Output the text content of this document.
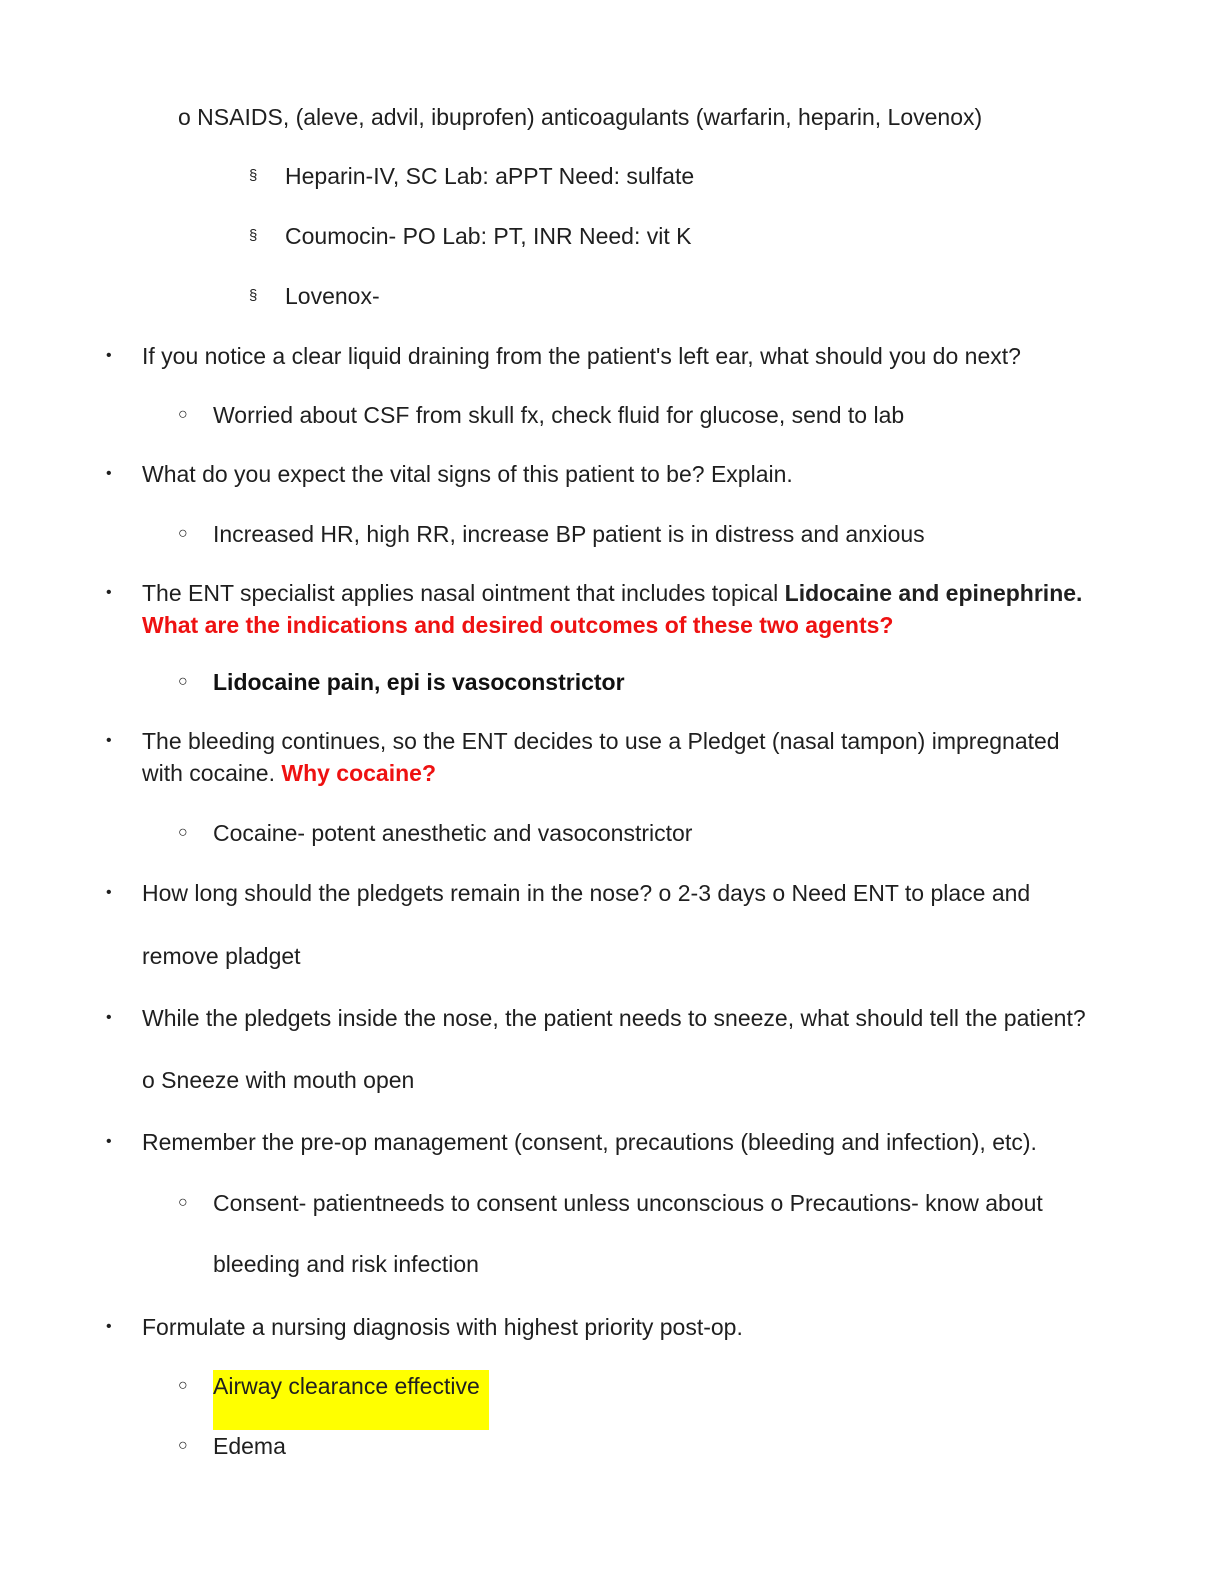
o NSAIDS, (aleve, advil, ibuprofen) anticoagulants (warfarin, heparin, Lovenox)
§ Heparin-IV, SC Lab: aPPT Need: sulfate
§ Coumocin- PO Lab: PT, INR Need: vit K
§ Lovenox-
• If you notice a clear liquid draining from the patient's left ear, what should you do next?
○ Worried about CSF from skull fx, check fluid for glucose, send to lab
• What do you expect the vital signs of this patient to be? Explain.
○ Increased HR, high RR, increase BP patient is in distress and anxious
• The ENT specialist applies nasal ointment that includes topical Lidocaine and epinephrine.
What are the indications and desired outcomes of these two agents?
○ Lidocaine pain, epi is vasoconstrictor
• The bleeding continues, so the ENT decides to use a Pledget (nasal tampon) impregnated
with cocaine. Why cocaine?
○ Cocaine- potent anesthetic and vasoconstrictor
• How long should the pledgets remain in the nose? o 2-3 days o Need ENT to place and
remove pladget
• While the pledgets inside the nose, the patient needs to sneeze, what should tell the patient?
o Sneeze with mouth open
• Remember the pre-op management (consent, precautions (bleeding and infection), etc).
○ Consent- patientneeds to consent unless unconscious o Precautions- know about
bleeding and risk infection
• Formulate a nursing diagnosis with highest priority post-op.
○ Airway clearance effective
○ Edema
